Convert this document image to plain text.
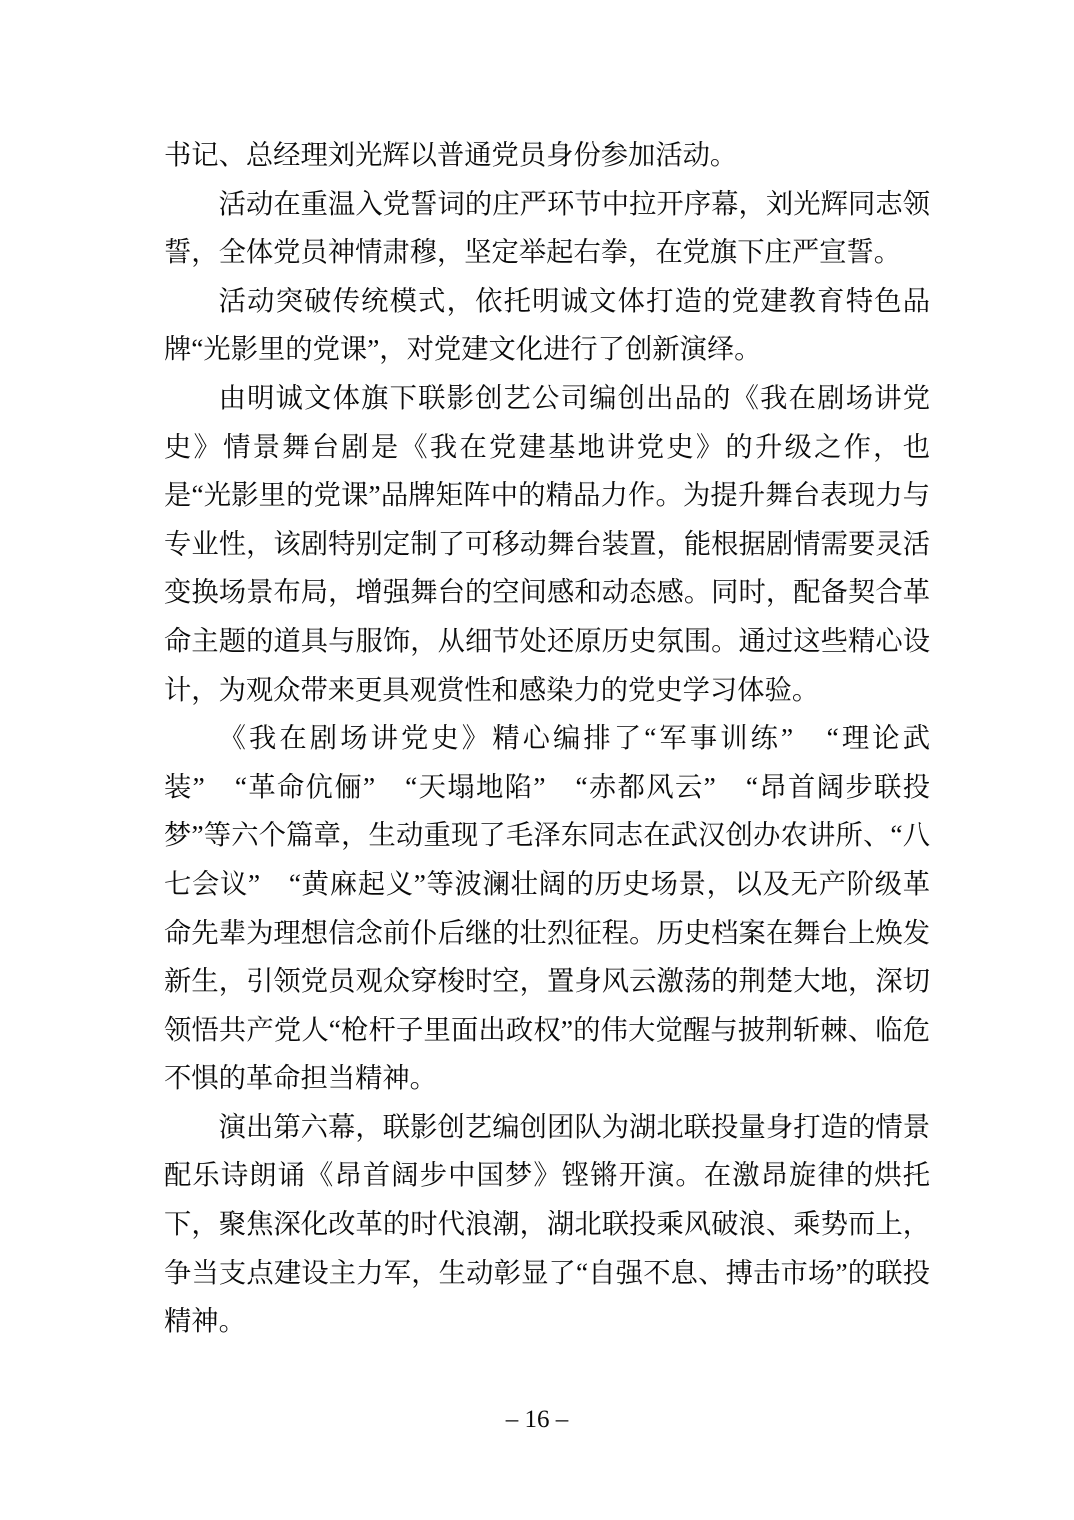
书记、总经理刘光辉以普通党员身份参加活动。

活动在重温入党誓词的庄严环节中拉开序幕，刘光辉同志领誓，全体党员神情肃穆，坚定举起右拳，在党旗下庄严宣誓。

活动突破传统模式，依托明诚文体打造的党建教育特色品牌“光影里的党课”，对党建文化进行了创新演绎。

由明诚文体旗下联影创艺公司编创出品的《我在剧场讲党史》情景舞台剧是《我在党建基地讲党史》的升级之作，也是“光影里的党课”品牌矩阵中的精品力作。为提升舞台表现力与专业性，该剧特别定制了可移动舞台装置，能根据剧情需要灵活变换场景布局，增强舞台的空间感和动态感。同时，配备契合革命主题的道具与服饰，从细节处还原历史氛围。通过这些精心设计，为观众带来更具观赏性和感染力的党史学习体验。

《我在剧场讲党史》精心编排了“军事训练”　“理论武装”　“革命伉俪”　“天塌地陷”　“赤都风云”　“昂首阔步联投梦”等六个篇章，生动重现了毛泽东同志在武汉创办农讲所、“八七会议”　“黄麻起义”等波澜壮阔的历史场景，以及无产阶级革命先辈为理想信念前仆后继的壮烈征程。历史档案在舞台上焕发新生，引领党员观众穿梭时空，置身风云激荡的荆楚大地，深切领悟共产党人“枪杆子里面出政权”的伟大觉醒与披荆斩棘、临危不惧的革命担当精神。

演出第六幕，联影创艺编创团队为湖北联投量身打造的情景配乐诗朗诵《昂首阔步中国梦》铿锵开演。在激昂旋律的烘托下，聚焦深化改革的时代浪潮，湖北联投乘风破浪、乘势而上，争当支点建设主力军，生动彰显了“自强不息、搏击市场”的联投精神。

– 16 –
